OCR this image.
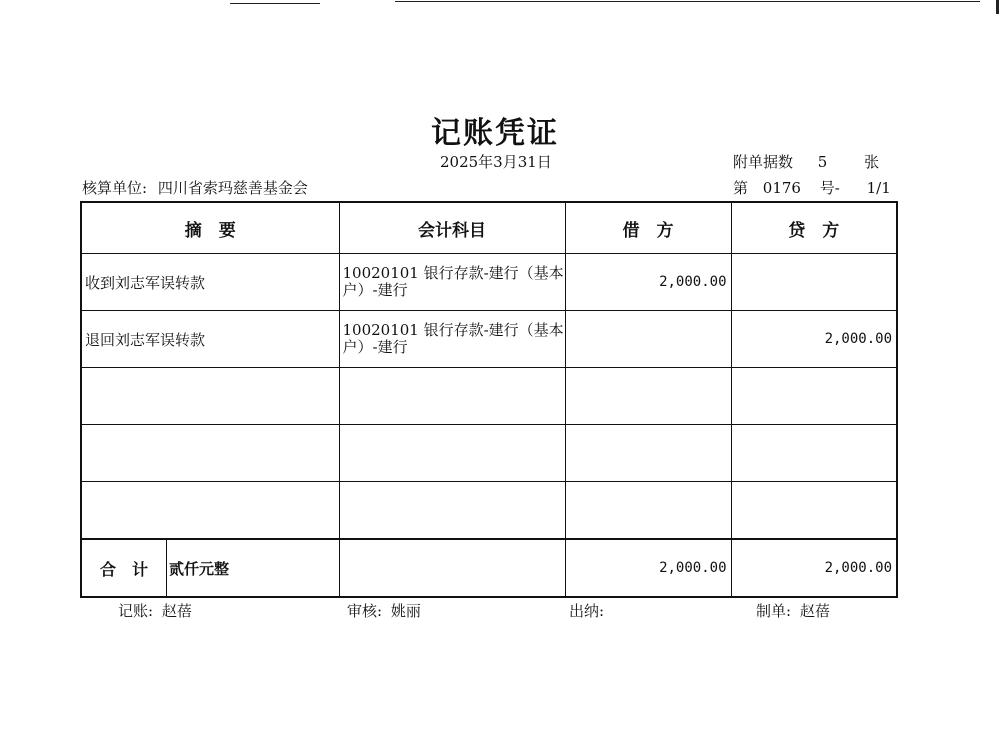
记账凭证
2025年3月31日	附单据数 5 张
核算单位: 四川省索玛慈善基金会	第 0176 号- 1/1
摘　要	会计科目	借　方	贷　方
收到刘志军误转款	10020101 银行存款-建行（基本户）-建行	2,000.00	
退回刘志军误转款	10020101 银行存款-建行（基本户）-建行		2,000.00

合　计 贰仟元整		2,000.00	2,000.00
记账: 赵蓓	审核: 姚丽	出纳:	制单: 赵蓓
